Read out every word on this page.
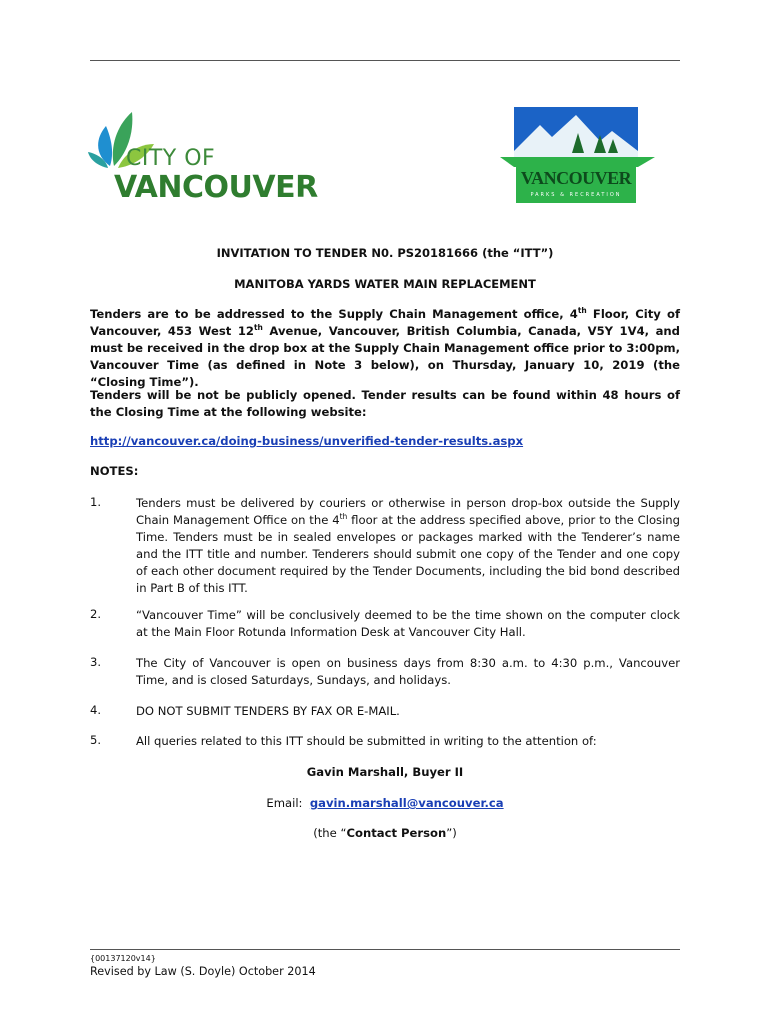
CITY OF
VANCOUVER	VANCOUVER
PARKS & RECREATION
INVITATION TO TENDER N0. PS20181666 (the “ITT”)
MANITOBA YARDS WATER MAIN REPLACEMENT
Tenders are to be addressed to the Supply Chain Management office, 4th Floor, City of Vancouver, 453 West 12th Avenue, Vancouver, British Columbia, Canada, V5Y 1V4, and must be received in the drop box at the Supply Chain Management office prior to 3:00pm, Vancouver Time (as defined in Note 3 below), on Thursday, January 10, 2019 (the “Closing Time”).
Tenders will be not be publicly opened. Tender results can be found within 48 hours of the Closing Time at the following website:
http://vancouver.ca/doing-business/unverified-tender-results.aspx
NOTES:
1.	Tenders must be delivered by couriers or otherwise in person drop-box outside the Supply Chain Management Office on the 4th floor at the address specified above, prior to the Closing Time. Tenders must be in sealed envelopes or packages marked with the Tenderer’s name and the ITT title and number. Tenderers should submit one copy of the Tender and one copy of each other document required by the Tender Documents, including the bid bond described in Part B of this ITT.
2.	“Vancouver Time” will be conclusively deemed to be the time shown on the computer clock at the Main Floor Rotunda Information Desk at Vancouver City Hall.
3.	The City of Vancouver is open on business days from 8:30 a.m. to 4:30 p.m., Vancouver Time, and is closed Saturdays, Sundays, and holidays.
4.	DO NOT SUBMIT TENDERS BY FAX OR E-MAIL.
5.	All queries related to this ITT should be submitted in writing to the attention of:
Gavin Marshall, Buyer II
Email: gavin.marshall@vancouver.ca
(the “Contact Person”)
{00137120v14}
Revised by Law (S. Doyle) October 2014
